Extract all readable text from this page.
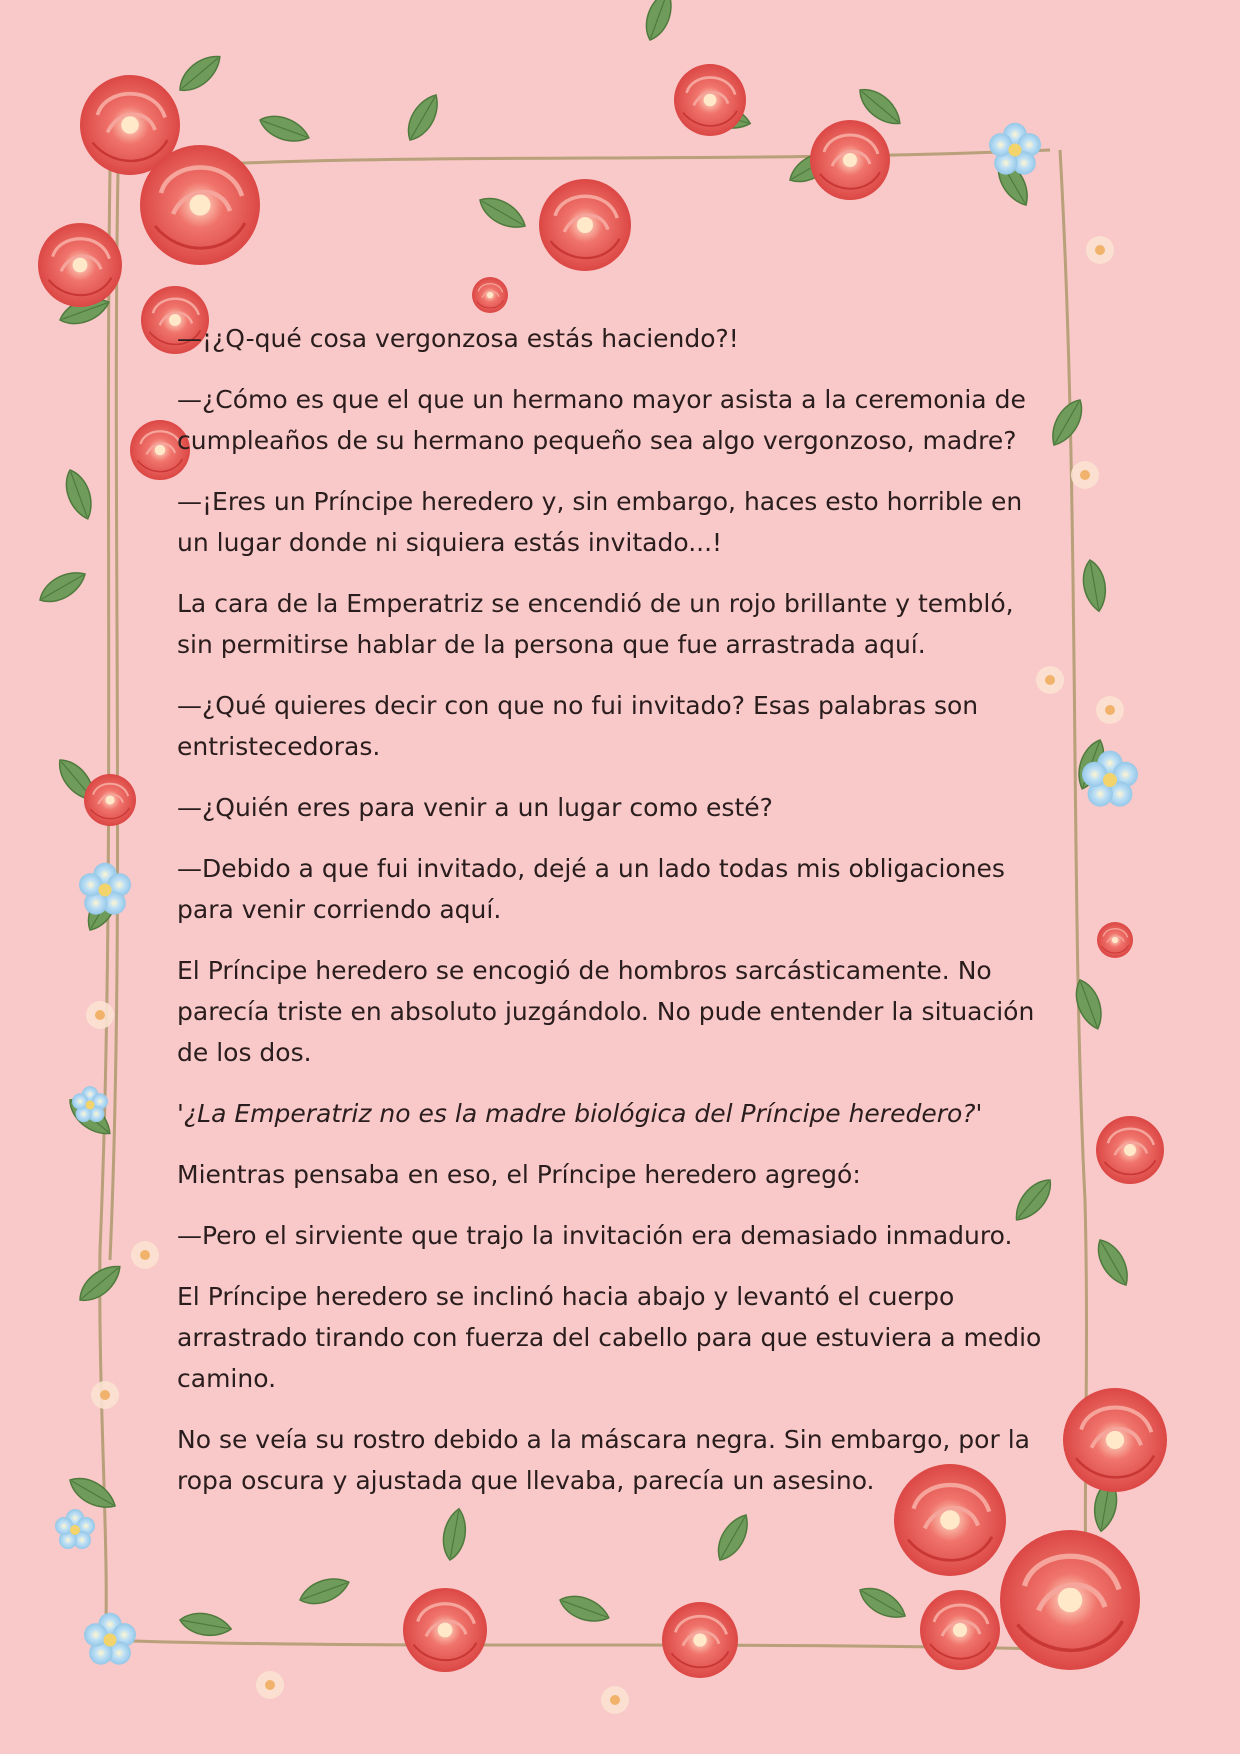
—¡¿Q-qué cosa vergonzosa estás haciendo?!

—¿Cómo es que el que un hermano mayor asista a la ceremonia de cumpleaños de su hermano pequeño sea algo vergonzoso, madre?

—¡Eres un Príncipe heredero y, sin embargo, haces esto horrible en un lugar donde ni siquiera estás invitado...!

La cara de la Emperatriz se encendió de un rojo brillante y tembló, sin permitirse hablar de la persona que fue arrastrada aquí.

—¿Qué quieres decir con que no fui invitado? Esas palabras son entristecedoras.

—¿Quién eres para venir a un lugar como esté?

—Debido a que fui invitado, dejé a un lado todas mis obligaciones para venir corriendo aquí.

El Príncipe heredero se encogió de hombros sarcásticamente. No parecía triste en absoluto juzgándolo. No pude entender la situación de los dos.

'¿La Emperatriz no es la madre biológica del Príncipe heredero?'

Mientras pensaba en eso, el Príncipe heredero agregó:

—Pero el sirviente que trajo la invitación era demasiado inmaduro.

El Príncipe heredero se inclinó hacia abajo y levantó el cuerpo arrastrado tirando con fuerza del cabello para que estuviera a medio camino.

No se veía su rostro debido a la máscara negra. Sin embargo, por la ropa oscura y ajustada que llevaba, parecía un asesino.
